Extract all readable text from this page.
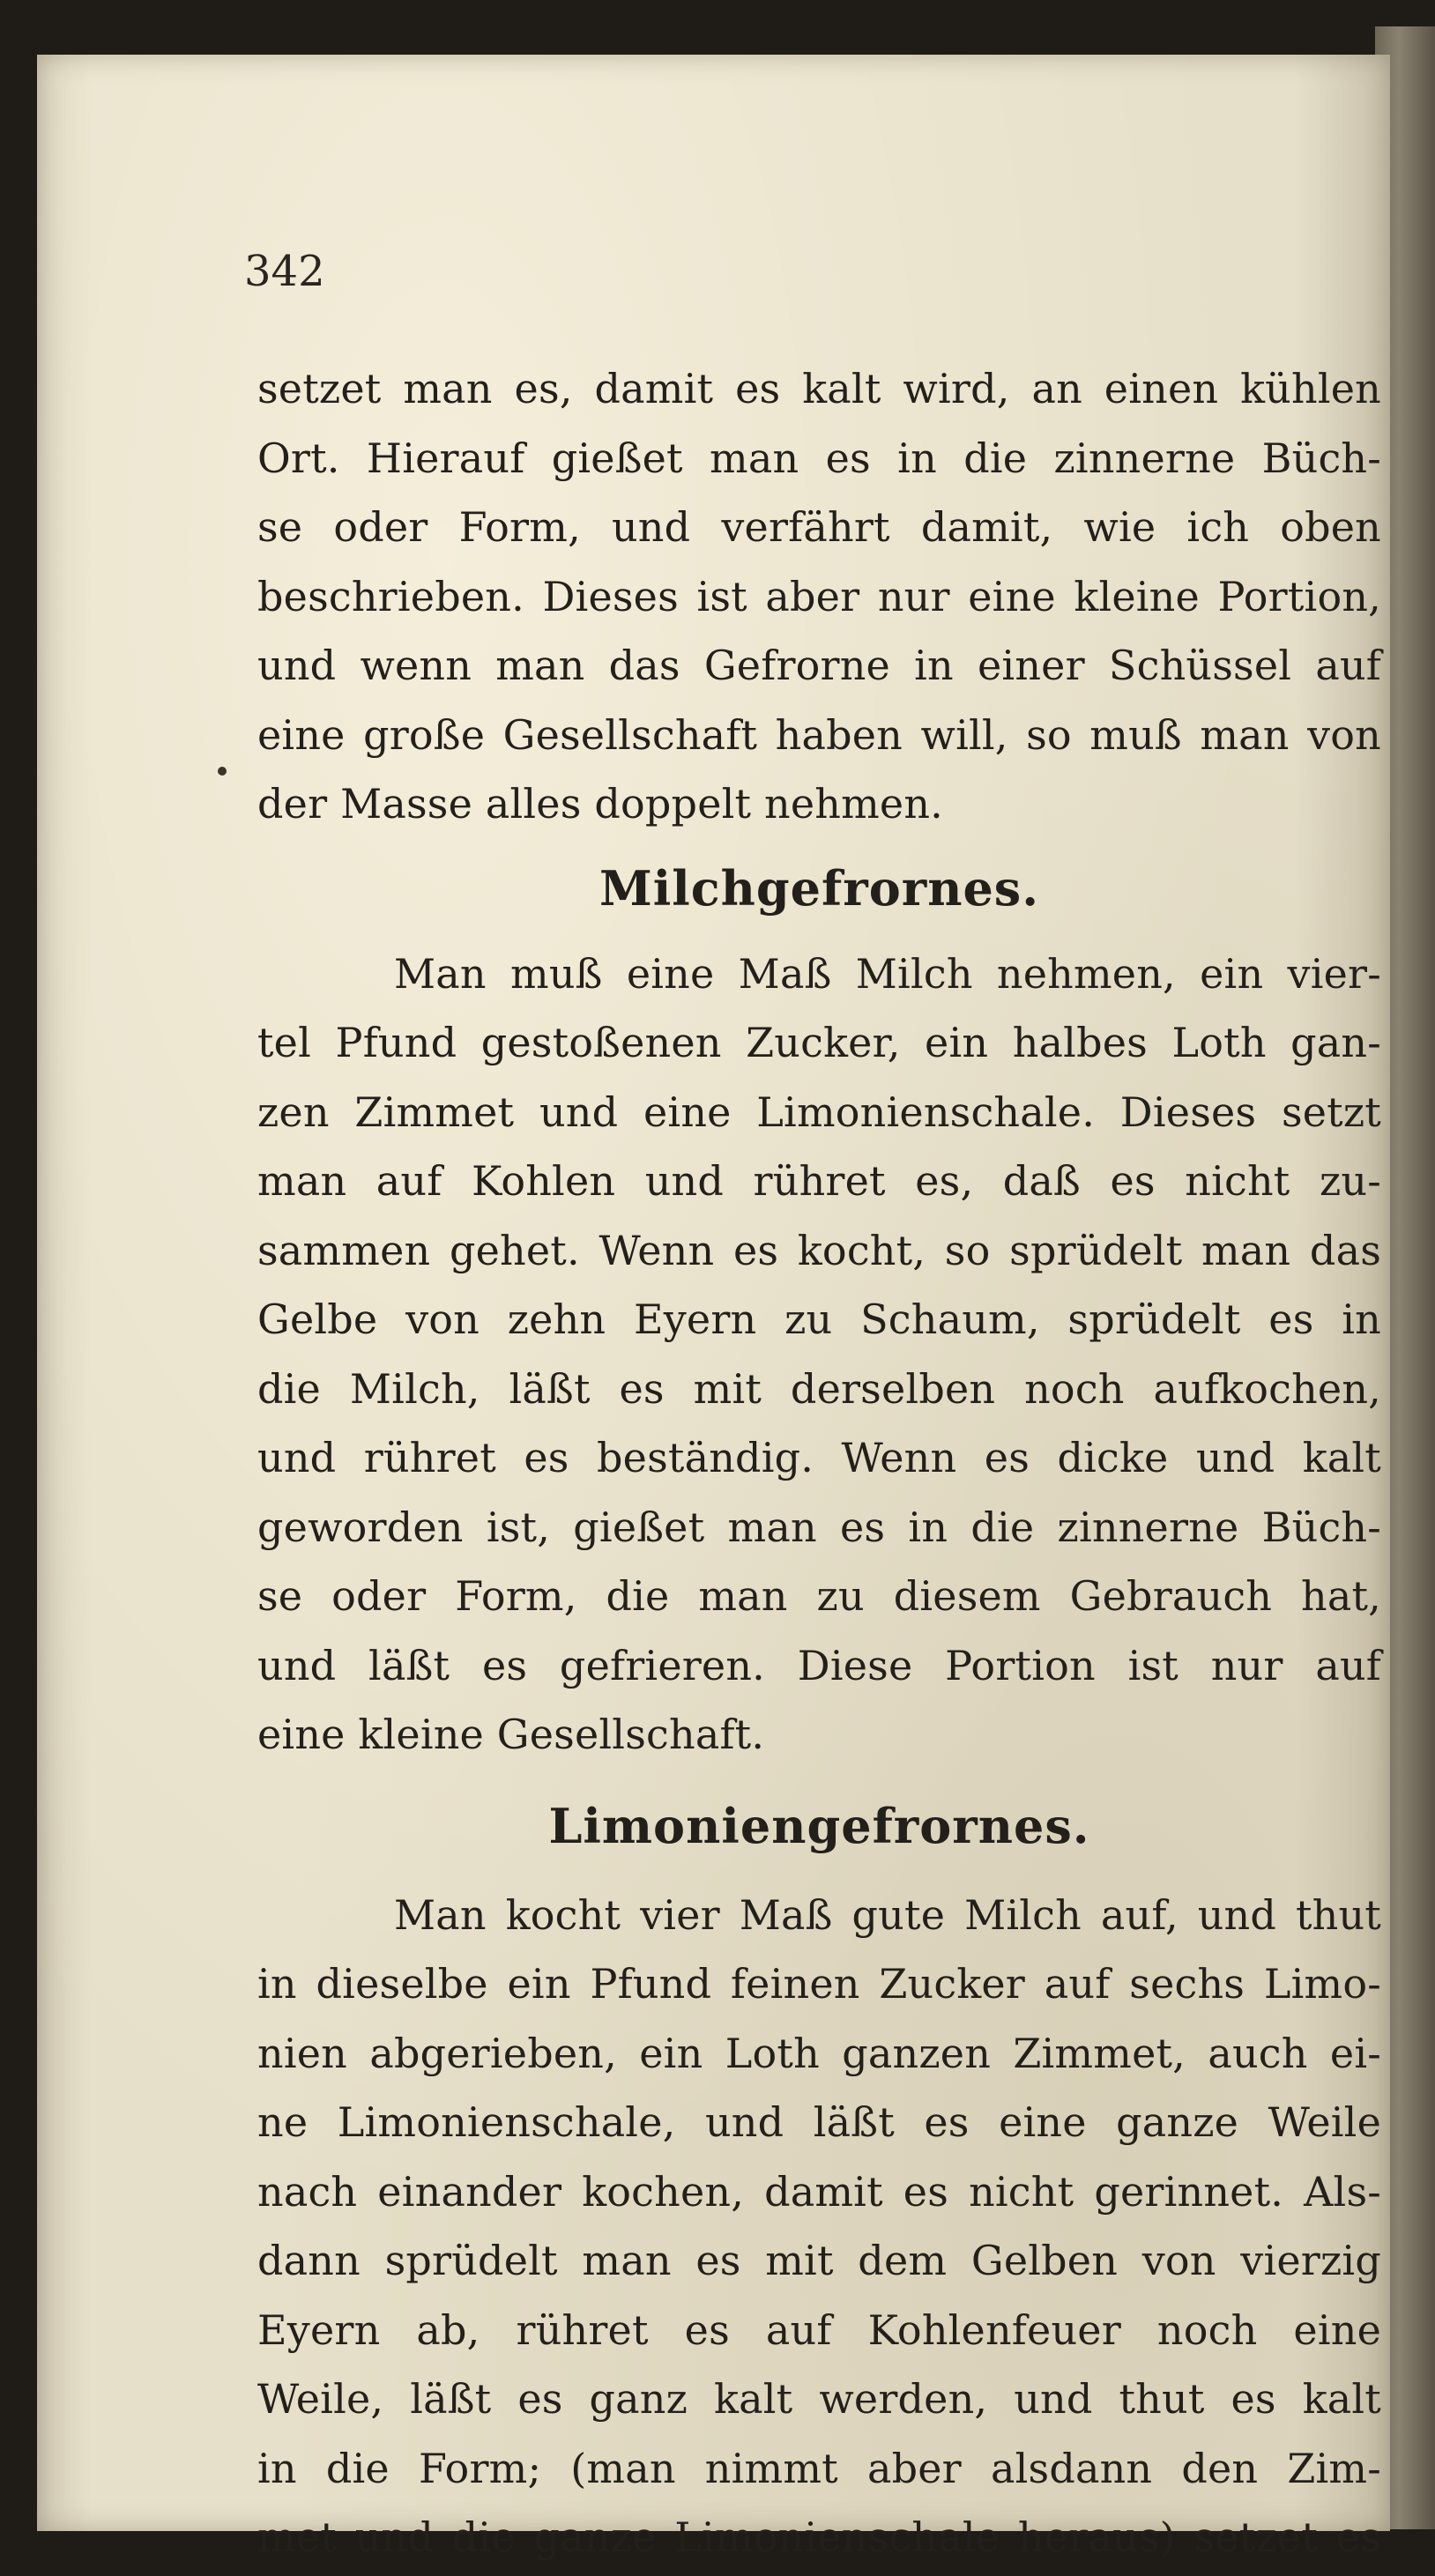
342
setzet man es, damit es kalt wird, an einen kühlen
Ort. Hierauf gießet man es in die zinnerne Büch-
se oder Form, und verfährt damit, wie ich oben
beschrieben. Dieses ist aber nur eine kleine Portion,
und wenn man das Gefrorne in einer Schüssel auf
eine große Gesellschaft haben will, so muß man von
der Masse alles doppelt nehmen.
Milchgefrornes.
Man muß eine Maß Milch nehmen, ein vier-
tel Pfund gestoßenen Zucker, ein halbes Loth gan-
zen Zimmet und eine Limonienschale. Dieses setzt
man auf Kohlen und rühret es, daß es nicht zu-
sammen gehet. Wenn es kocht, so sprüdelt man das
Gelbe von zehn Eyern zu Schaum, sprüdelt es in
die Milch, läßt es mit derselben noch aufkochen,
und rühret es beständig. Wenn es dicke und kalt
geworden ist, gießet man es in die zinnerne Büch-
se oder Form, die man zu diesem Gebrauch hat,
und läßt es gefrieren. Diese Portion ist nur auf
eine kleine Gesellschaft.
Limoniengefrornes.
Man kocht vier Maß gute Milch auf, und thut
in dieselbe ein Pfund feinen Zucker auf sechs Limo-
nien abgerieben, ein Loth ganzen Zimmet, auch ei-
ne Limonienschale, und läßt es eine ganze Weile
nach einander kochen, damit es nicht gerinnet. Als-
dann sprüdelt man es mit dem Gelben von vierzig
Eyern ab, rühret es auf Kohlenfeuer noch eine
Weile, läßt es ganz kalt werden, und thut es kalt
in die Form; (man nimmt aber alsdann den Zim-
met und die ganze Limonienschale heraus) setzet es
